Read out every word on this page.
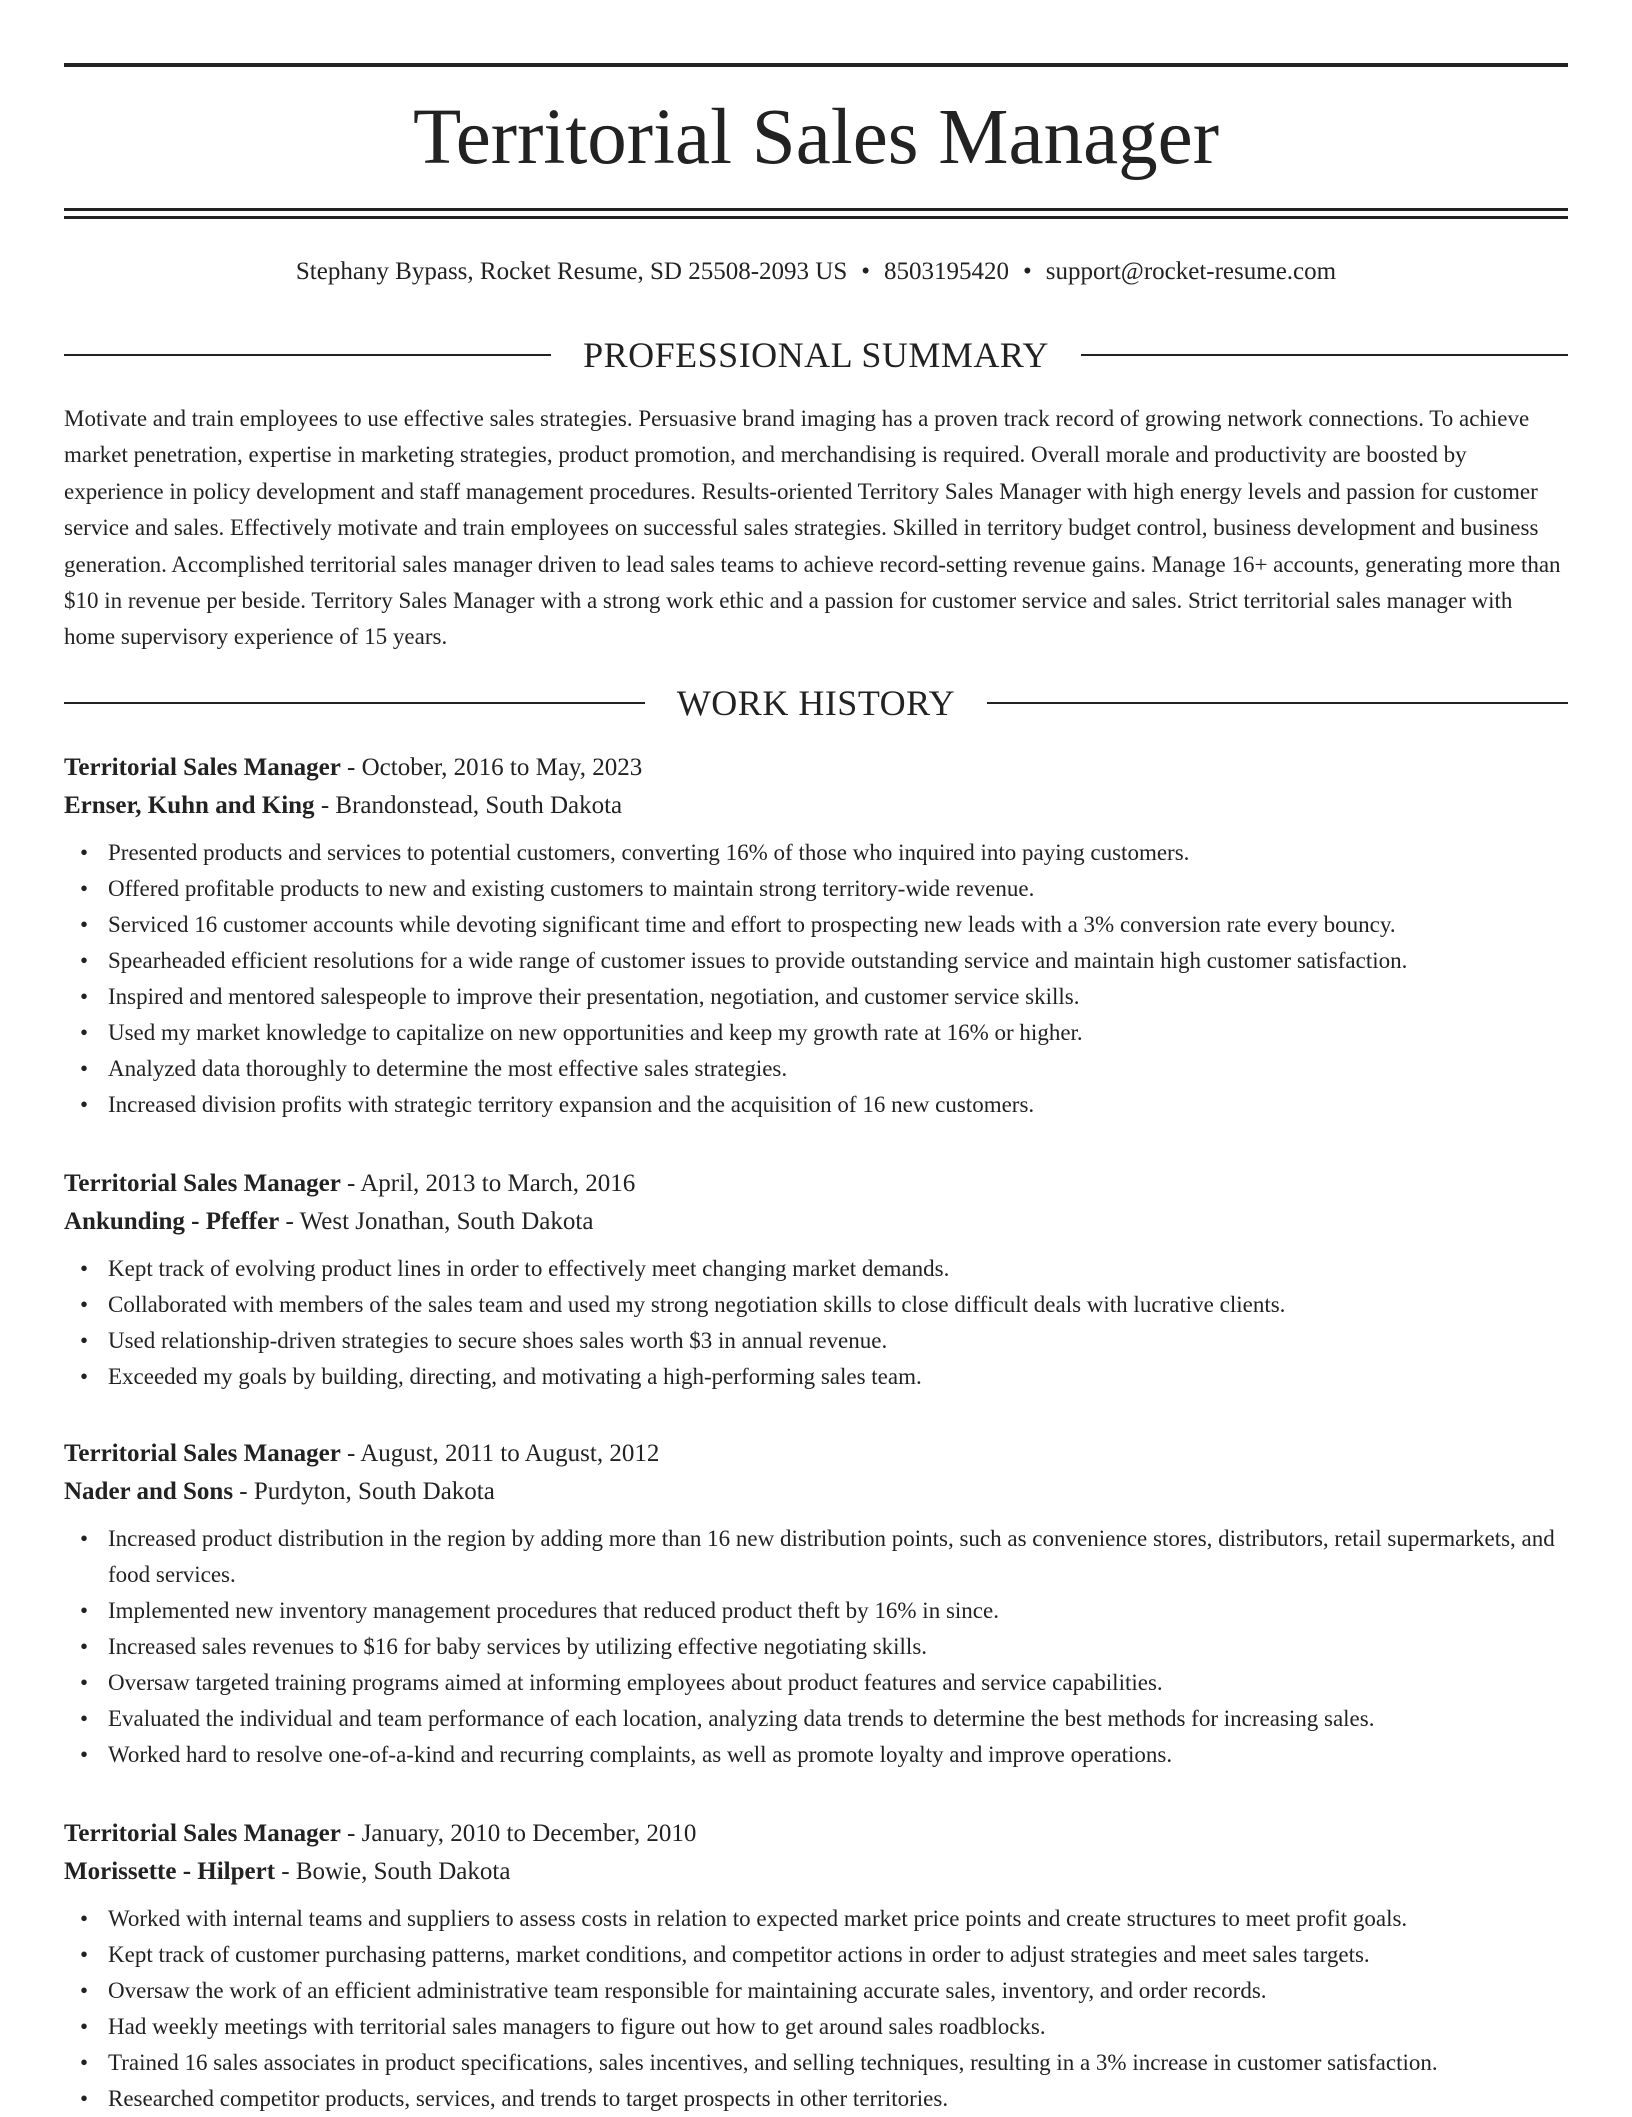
Territorial Sales Manager
Stephany Bypass, Rocket Resume, SD 25508-2093 US • 8503195420 • support@rocket-resume.com
PROFESSIONAL SUMMARY

Motivate and train employees to use effective sales strategies. Persuasive brand imaging has a proven track record of growing network connections. To achieve market penetration, expertise in marketing strategies, product promotion, and merchandising is required. Overall morale and productivity are boosted by experience in policy development and staff management procedures. Results-oriented Territory Sales Manager with high energy levels and passion for customer service and sales. Effectively motivate and train employees on successful sales strategies. Skilled in territory budget control, business development and business generation. Accomplished territorial sales manager driven to lead sales teams to achieve record-setting revenue gains. Manage 16+ accounts, generating more than $10 in revenue per beside. Territory Sales Manager with a strong work ethic and a passion for customer service and sales. Strict territorial sales manager with home supervisory experience of 15 years.

WORK HISTORY

Territorial Sales Manager - October, 2016 to May, 2023

Ernser, Kuhn and King - Brandonstead, South Dakota

• Presented products and services to potential customers, converting 16% of those who inquired into paying customers.
• Offered profitable products to new and existing customers to maintain strong territory-wide revenue.
• Serviced 16 customer accounts while devoting significant time and effort to prospecting new leads with a 3% conversion rate every bouncy.
• Spearheaded efficient resolutions for a wide range of customer issues to provide outstanding service and maintain high customer satisfaction.
• Inspired and mentored salespeople to improve their presentation, negotiation, and customer service skills.
• Used my market knowledge to capitalize on new opportunities and keep my growth rate at 16% or higher.
• Analyzed data thoroughly to determine the most effective sales strategies.
• Increased division profits with strategic territory expansion and the acquisition of 16 new customers.

Territorial Sales Manager - April, 2013 to March, 2016

Ankunding - Pfeffer - West Jonathan, South Dakota

• Kept track of evolving product lines in order to effectively meet changing market demands.
• Collaborated with members of the sales team and used my strong negotiation skills to close difficult deals with lucrative clients.
• Used relationship-driven strategies to secure shoes sales worth $3 in annual revenue.
• Exceeded my goals by building, directing, and motivating a high-performing sales team.

Territorial Sales Manager - August, 2011 to August, 2012

Nader and Sons - Purdyton, South Dakota

• Increased product distribution in the region by adding more than 16 new distribution points, such as convenience stores, distributors, retail supermarkets, and food services.
• Implemented new inventory management procedures that reduced product theft by 16% in since.
• Increased sales revenues to $16 for baby services by utilizing effective negotiating skills.
• Oversaw targeted training programs aimed at informing employees about product features and service capabilities.
• Evaluated the individual and team performance of each location, analyzing data trends to determine the best methods for increasing sales.
• Worked hard to resolve one-of-a-kind and recurring complaints, as well as promote loyalty and improve operations.

Territorial Sales Manager - January, 2010 to December, 2010

Morissette - Hilpert - Bowie, South Dakota

• Worked with internal teams and suppliers to assess costs in relation to expected market price points and create structures to meet profit goals.
• Kept track of customer purchasing patterns, market conditions, and competitor actions in order to adjust strategies and meet sales targets.
• Oversaw the work of an efficient administrative team responsible for maintaining accurate sales, inventory, and order records.
• Had weekly meetings with territorial sales managers to figure out how to get around sales roadblocks.
• Trained 16 sales associates in product specifications, sales incentives, and selling techniques, resulting in a 3% increase in customer satisfaction.
• Researched competitor products, services, and trends to target prospects in other territories.
